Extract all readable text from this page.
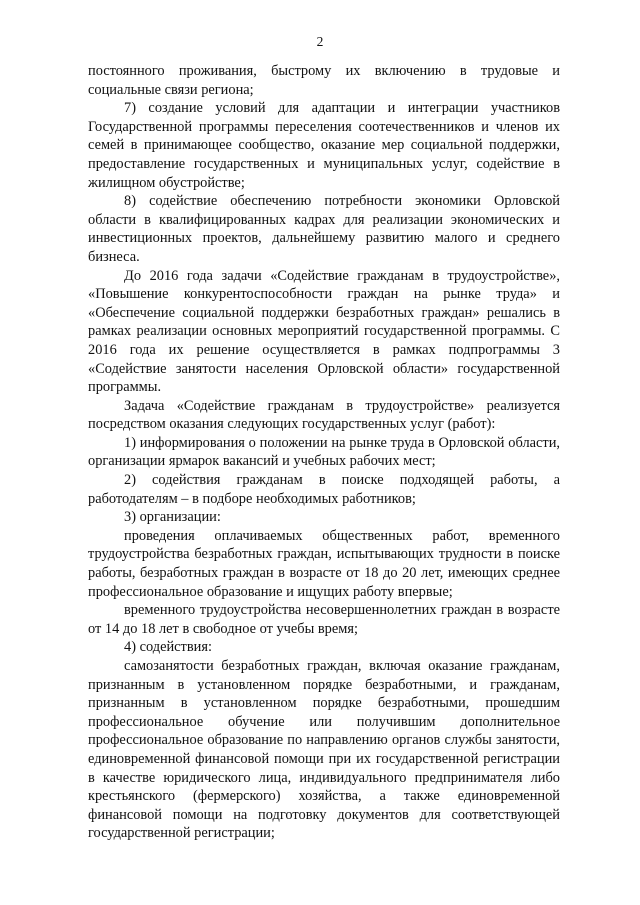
2

постоянного проживания, быстрому их включению в трудовые и социальные связи региона;

7) создание условий для адаптации и интеграции участников Государственной программы переселения соотечественников и членов их семей в принимающее сообщество, оказание мер социальной поддержки, предоставление государственных и муниципальных услуг, содействие в жилищном обустройстве;

8) содействие обеспечению потребности экономики Орловской области в квалифицированных кадрах для реализации экономических и инвестиционных проектов, дальнейшему развитию малого и среднего бизнеса.

До 2016 года задачи «Содействие гражданам в трудоустройстве», «Повышение конкурентоспособности граждан на рынке труда» и «Обеспечение социальной поддержки безработных граждан» решались в рамках реализации основных мероприятий государственной программы. С 2016 года их решение осуществляется в рамках подпрограммы 3 «Содействие занятости населения Орловской области» государственной программы.

Задача «Содействие гражданам в трудоустройстве» реализуется посредством оказания следующих государственных услуг (работ):

1) информирования о положении на рынке труда в Орловской области, организации ярмарок вакансий и учебных рабочих мест;

2) содействия гражданам в поиске подходящей работы, а работодателям – в подборе необходимых работников;

3) организации:

проведения оплачиваемых общественных работ, временного трудоустройства безработных граждан, испытывающих трудности в поиске работы, безработных граждан в возрасте от 18 до 20 лет, имеющих среднее профессиональное образование и ищущих работу впервые;

временного трудоустройства несовершеннолетних граждан в возрасте от 14 до 18 лет в свободное от учебы время;

4) содействия:

самозанятости безработных граждан, включая оказание гражданам, признанным в установленном порядке безработными, и гражданам, признанным в установленном порядке безработными, прошедшим профессиональное обучение или получившим дополнительное профессиональное образование по направлению органов службы занятости, единовременной финансовой помощи при их государственной регистрации в качестве юридического лица, индивидуального предпринимателя либо крестьянского (фермерского) хозяйства, а также единовременной финансовой помощи на подготовку документов для соответствующей государственной регистрации;
